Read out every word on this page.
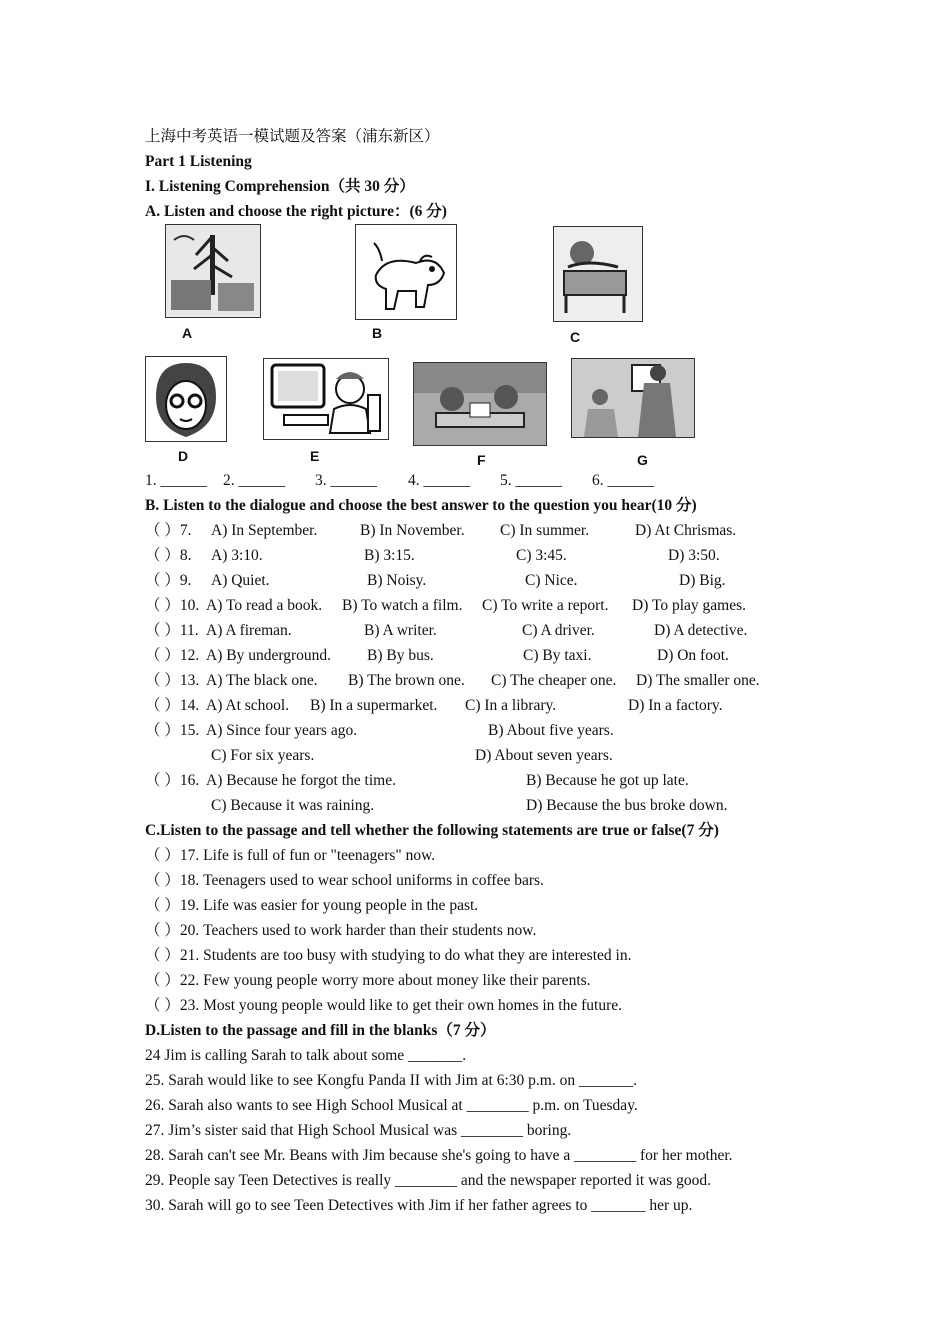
上海中考英语一模试题及答案（浦东新区）
Part 1 Listening
I. Listening Comprehension（共 30 分）
A. Listen and choose the right picture：(6 分)
A	B	C
D	E	F	G
1. ______ 2. ______ 3. ______ 4. ______ 5. ______ 6. ______
B. Listen to the dialogue and choose the best answer to the question you hear(10 分)
（ ）7. A) In September.	B) In November. C) In summer.	D) At Chrismas.
（ ）8. A) 3:10.	B) 3:15.	C) 3:45.	D) 3:50.
（ ）9. A) Quiet.	B) Noisy.	C) Nice.	D) Big.
（ ）10. A) To read a book. B) To watch a film. C) To write a report. D) To play games.
（ ）11. A) A fireman.	B) A writer.	C) A driver.	D) A detective.
（ ）12. A) By underground. B) By bus.	C) By taxi.	D) On foot.
（ ）13. A) The black one. B) The brown one. C) The cheaper one. D) The smaller one.
（ ）14. A) At school. B) In a supermarket. C) In a library.	D) In a factory.
（ ）15. A) Since four years ago.	B) About five years.
C) For six years.	D) About seven years.
（ ）16. A) Because he forgot the time.	B) Because he got up late.
C) Because it was raining.	D) Because the bus broke down.
C.Listen to the passage and tell whether the following statements are true or false(7 分)
（ ）17. Life is full of fun or "teenagers" now.
（ ）18. Teenagers used to wear school uniforms in coffee bars.
（ ）19. Life was easier for young people in the past.
（ ）20. Teachers used to work harder than their students now.
（ ）21. Students are too busy with studying to do what they are interested in.
（ ）22. Few young people worry more about money like their parents.
（ ）23. Most young people would like to get their own homes in the future.
D.Listen to the passage and fill in the blanks（7 分）
24 Jim is calling Sarah to talk about some _______.
25. Sarah would like to see Kongfu Panda II with Jim at 6:30 p.m. on _______.
26. Sarah also wants to see High School Musical at ________ p.m. on Tuesday.
27. Jim’s sister said that High School Musical was ________ boring.
28. Sarah can't see Mr. Beans with Jim because she's going to have a ________ for her mother.
29. People say Teen Detectives is really ________ and the newspaper reported it was good.
30. Sarah will go to see Teen Detectives with Jim if her father agrees to _______ her up.
